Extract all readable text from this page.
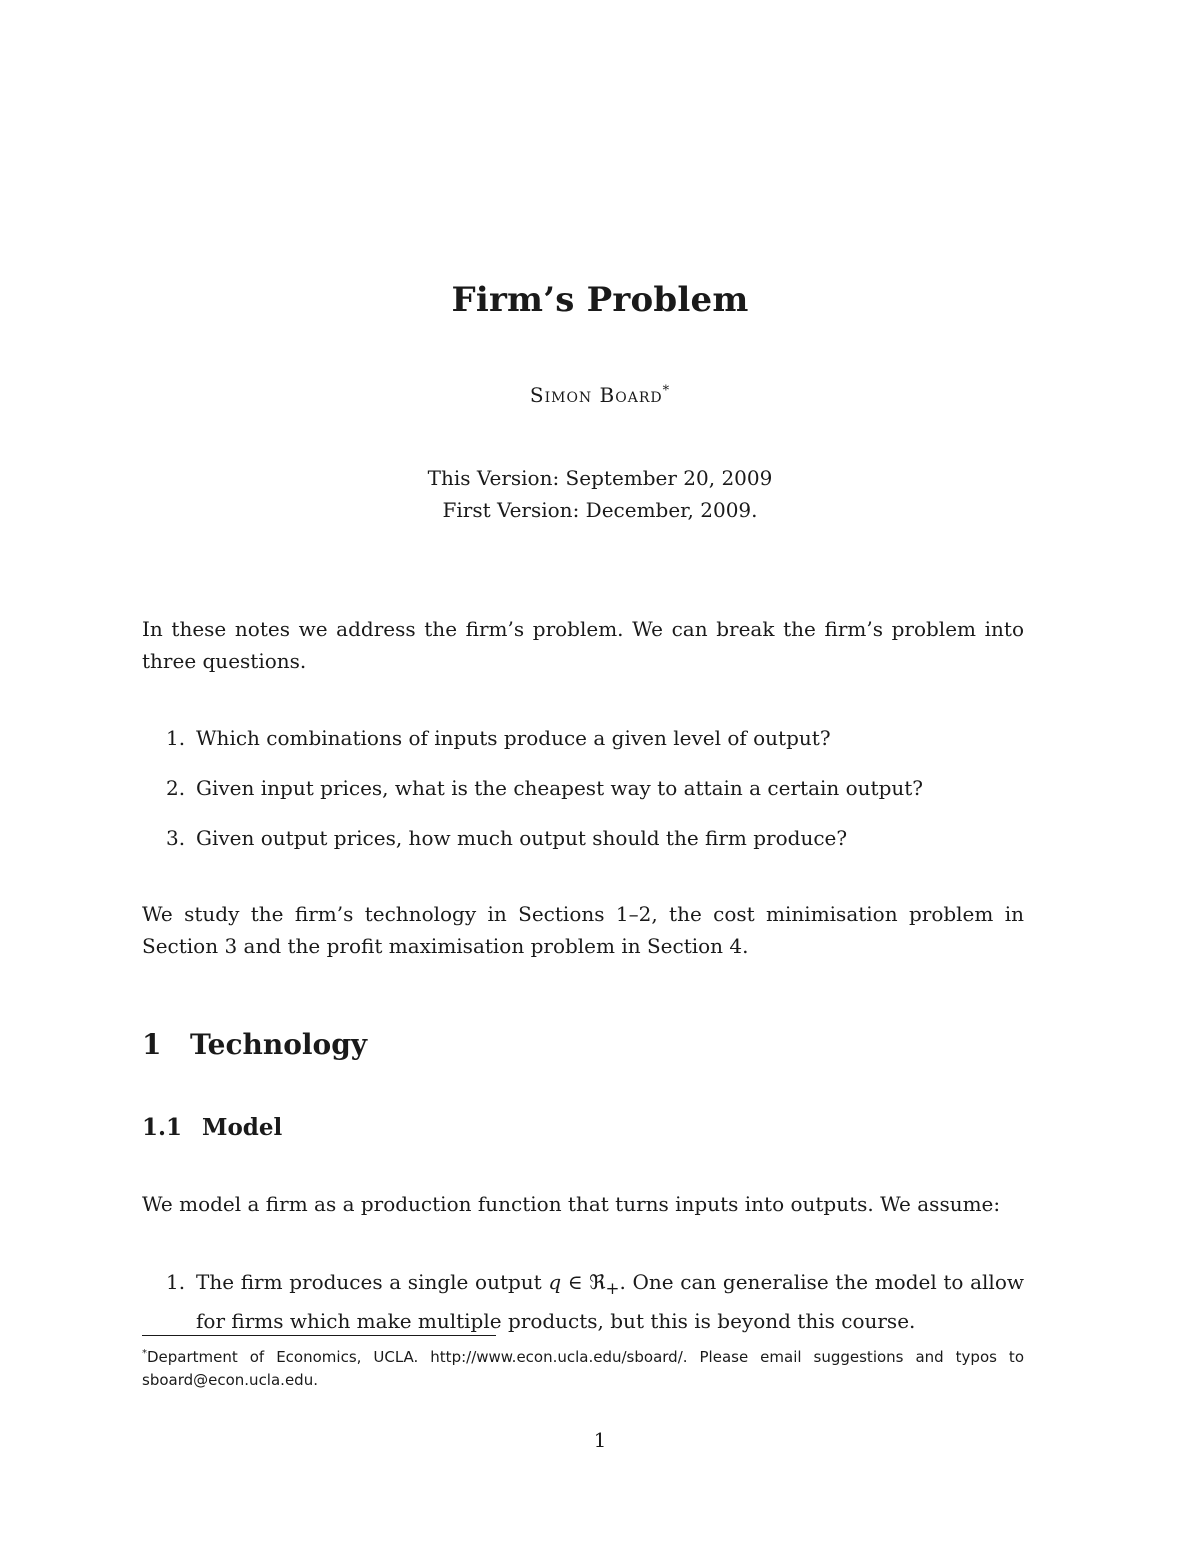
Firm’s Problem
Simon Board*
This Version: September 20, 2009
First Version: December, 2009.

In these notes we address the firm’s problem. We can break the firm’s problem into three questions.

1. Which combinations of inputs produce a given level of output?
2. Given input prices, what is the cheapest way to attain a certain output?
3. Given output prices, how much output should the firm produce?

We study the firm’s technology in Sections 1–2, the cost minimisation problem in Section 3 and the profit maximisation problem in Section 4.

1 Technology
1.1 Model

We model a firm as a production function that turns inputs into outputs. We assume:

1. The firm produces a single output q ∈ ℜ$_+$. One can generalise the model to allow for firms which make multiple products, but this is beyond this course.
*Department of Economics, UCLA. http://www.econ.ucla.edu/sboard/. Please email suggestions and typos to sboard@econ.ucla.edu.
1
